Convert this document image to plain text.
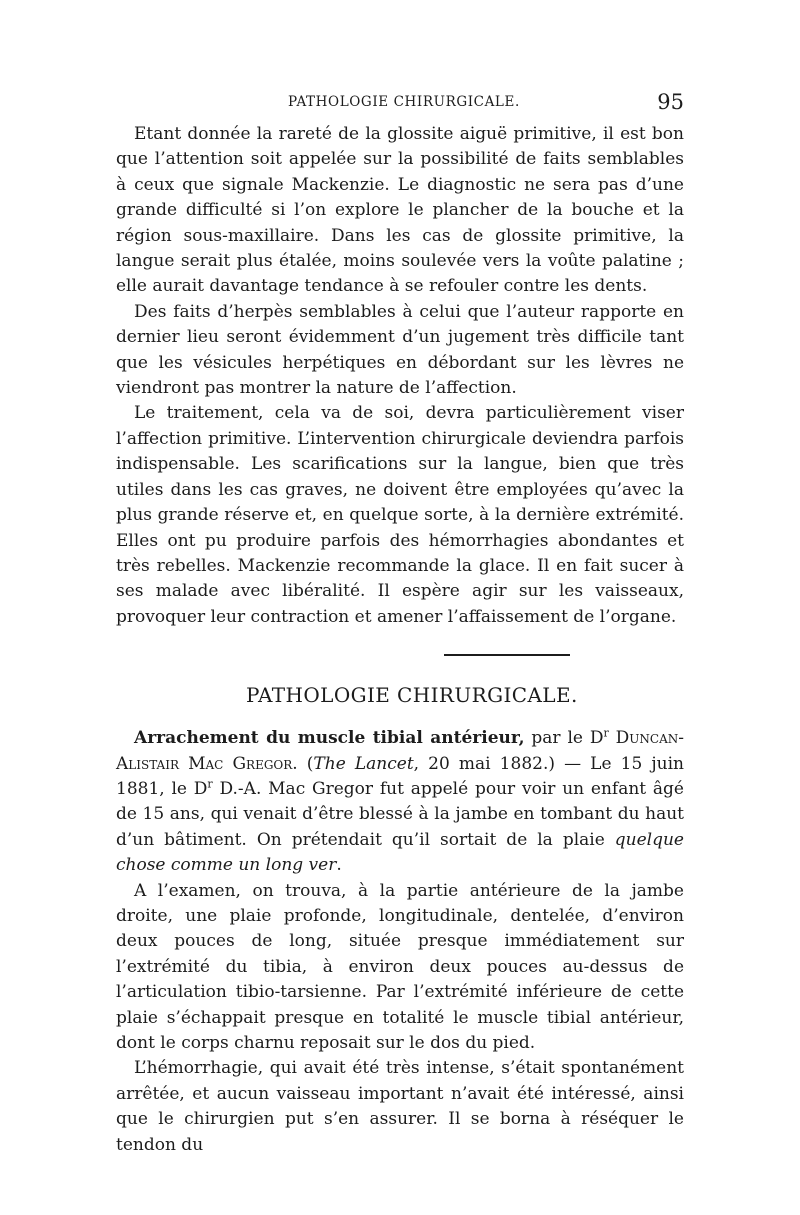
PATHOLOGIE CHIRURGICALE.	95

Etant donnée la rareté de la glossite aiguë primitive, il est bon que l’attention soit appelée sur la possibilité de faits semblables à ceux que signale Mackenzie. Le diagnostic ne sera pas d’une grande difficulté si l’on explore le plancher de la bouche et la région sous-maxillaire. Dans les cas de glossite primitive, la langue serait plus étalée, moins soulevée vers la voûte palatine ; elle aurait davantage tendance à se refouler contre les dents.

Des faits d’herpès semblables à celui que l’auteur rapporte en dernier lieu seront évidemment d’un jugement très difficile tant que les vésicules herpétiques en débordant sur les lèvres ne viendront pas montrer la nature de l’affection.

Le traitement, cela va de soi, devra particulièrement viser l’affection primitive. L’intervention chirurgicale deviendra parfois indispensable. Les scarifications sur la langue, bien que très utiles dans les cas graves, ne doivent être employées qu’avec la plus grande réserve et, en quelque sorte, à la dernière extrémité. Elles ont pu produire parfois des hémorrhagies abondantes et très rebelles. Mackenzie recommande la glace. Il en fait sucer à ses malade avec libéralité. Il espère agir sur les vaisseaux, provoquer leur contraction et amener l’affaissement de l’organe.

PATHOLOGIE CHIRURGICALE.

Arrachement du muscle tibial antérieur, par le $D^r$ Duncan-Alistair Mac Gregor. (The Lancet, 20 mai 1882.) — Le 15 juin 1881, le $D^r$ D.-A. Mac Gregor fut appelé pour voir un enfant âgé de 15 ans, qui venait d’être blessé à la jambe en tombant du haut d’un bâtiment. On prétendait qu’il sortait de la plaie quelque chose comme un long ver.

A l’examen, on trouva, à la partie antérieure de la jambe droite, une plaie profonde, longitudinale, dentelée, d’environ deux pouces de long, située presque immédiatement sur l’extrémité du tibia, à environ deux pouces au-dessus de l’articulation tibio-tarsienne. Par l’extrémité inférieure de cette plaie s’échappait presque en totalité le muscle tibial antérieur, dont le corps charnu reposait sur le dos du pied.

L’hémorrhagie, qui avait été très intense, s’était spontanément arrêtée, et aucun vaisseau important n’avait été intéressé, ainsi que le chirurgien put s’en assurer. Il se borna à réséquer le tendon du
